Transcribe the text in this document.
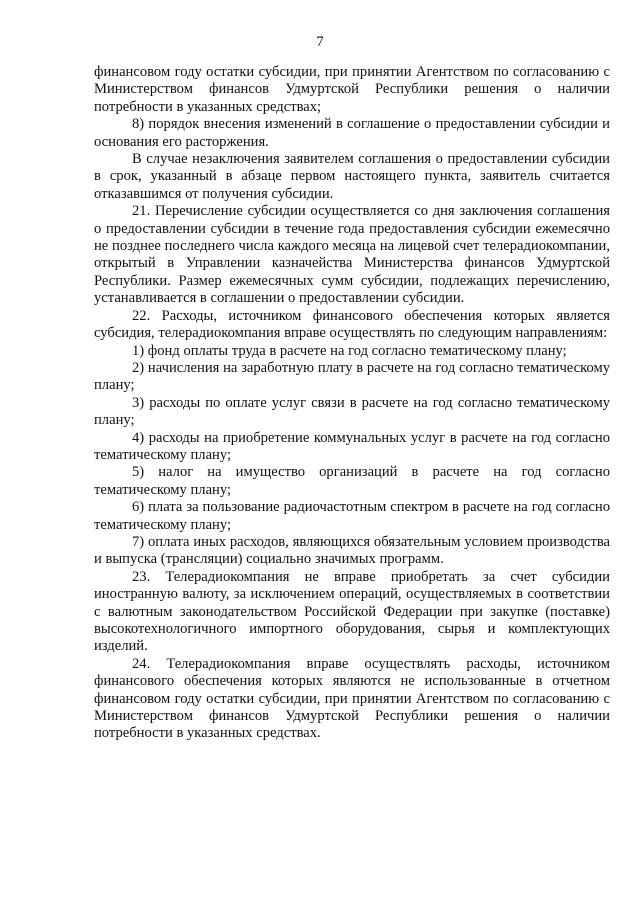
7

финансовом году остатки субсидии, при принятии Агентством по согласованию с Министерством финансов Удмуртской Республики решения о наличии потребности в указанных средствах;

8) порядок внесения изменений в соглашение о предоставлении субсидии и основания его расторжения.

В случае незаключения заявителем соглашения о предоставлении субсидии в срок, указанный в абзаце первом настоящего пункта, заявитель считается отказавшимся от получения субсидии.

21. Перечисление субсидии осуществляется со дня заключения соглашения о предоставлении субсидии в течение года предоставления субсидии ежемесячно не позднее последнего числа каждого месяца на лицевой счет телерадиокомпании, открытый в Управлении казначейства Министерства финансов Удмуртской Республики. Размер ежемесячных сумм субсидии, подлежащих перечислению, устанавливается в соглашении о предоставлении субсидии.

22. Расходы, источником финансового обеспечения которых является субсидия, телерадиокомпания вправе осуществлять по следующим направлениям:

1) фонд оплаты труда в расчете на год согласно тематическому плану;

2) начисления на заработную плату в расчете на год согласно тематическому плану;

3) расходы по оплате услуг связи в расчете на год согласно тематическому плану;

4) расходы на приобретение коммунальных услуг в расчете на год согласно тематическому плану;

5) налог на имущество организаций в расчете на год согласно тематическому плану;

6) плата за пользование радиочастотным спектром в расчете на год согласно тематическому плану;

7) оплата иных расходов, являющихся обязательным условием производства и выпуска (трансляции) социально значимых программ.

23. Телерадиокомпания не вправе приобретать за счет субсидии иностранную валюту, за исключением операций, осуществляемых в соответствии с валютным законодательством Российской Федерации при закупке (поставке) высокотехнологичного импортного оборудования, сырья и комплектующих изделий.

24. Телерадиокомпания вправе осуществлять расходы, источником финансового обеспечения которых являются не использованные в отчетном финансовом году остатки субсидии, при принятии Агентством по согласованию с Министерством финансов Удмуртской Республики решения о наличии потребности в указанных средствах.
